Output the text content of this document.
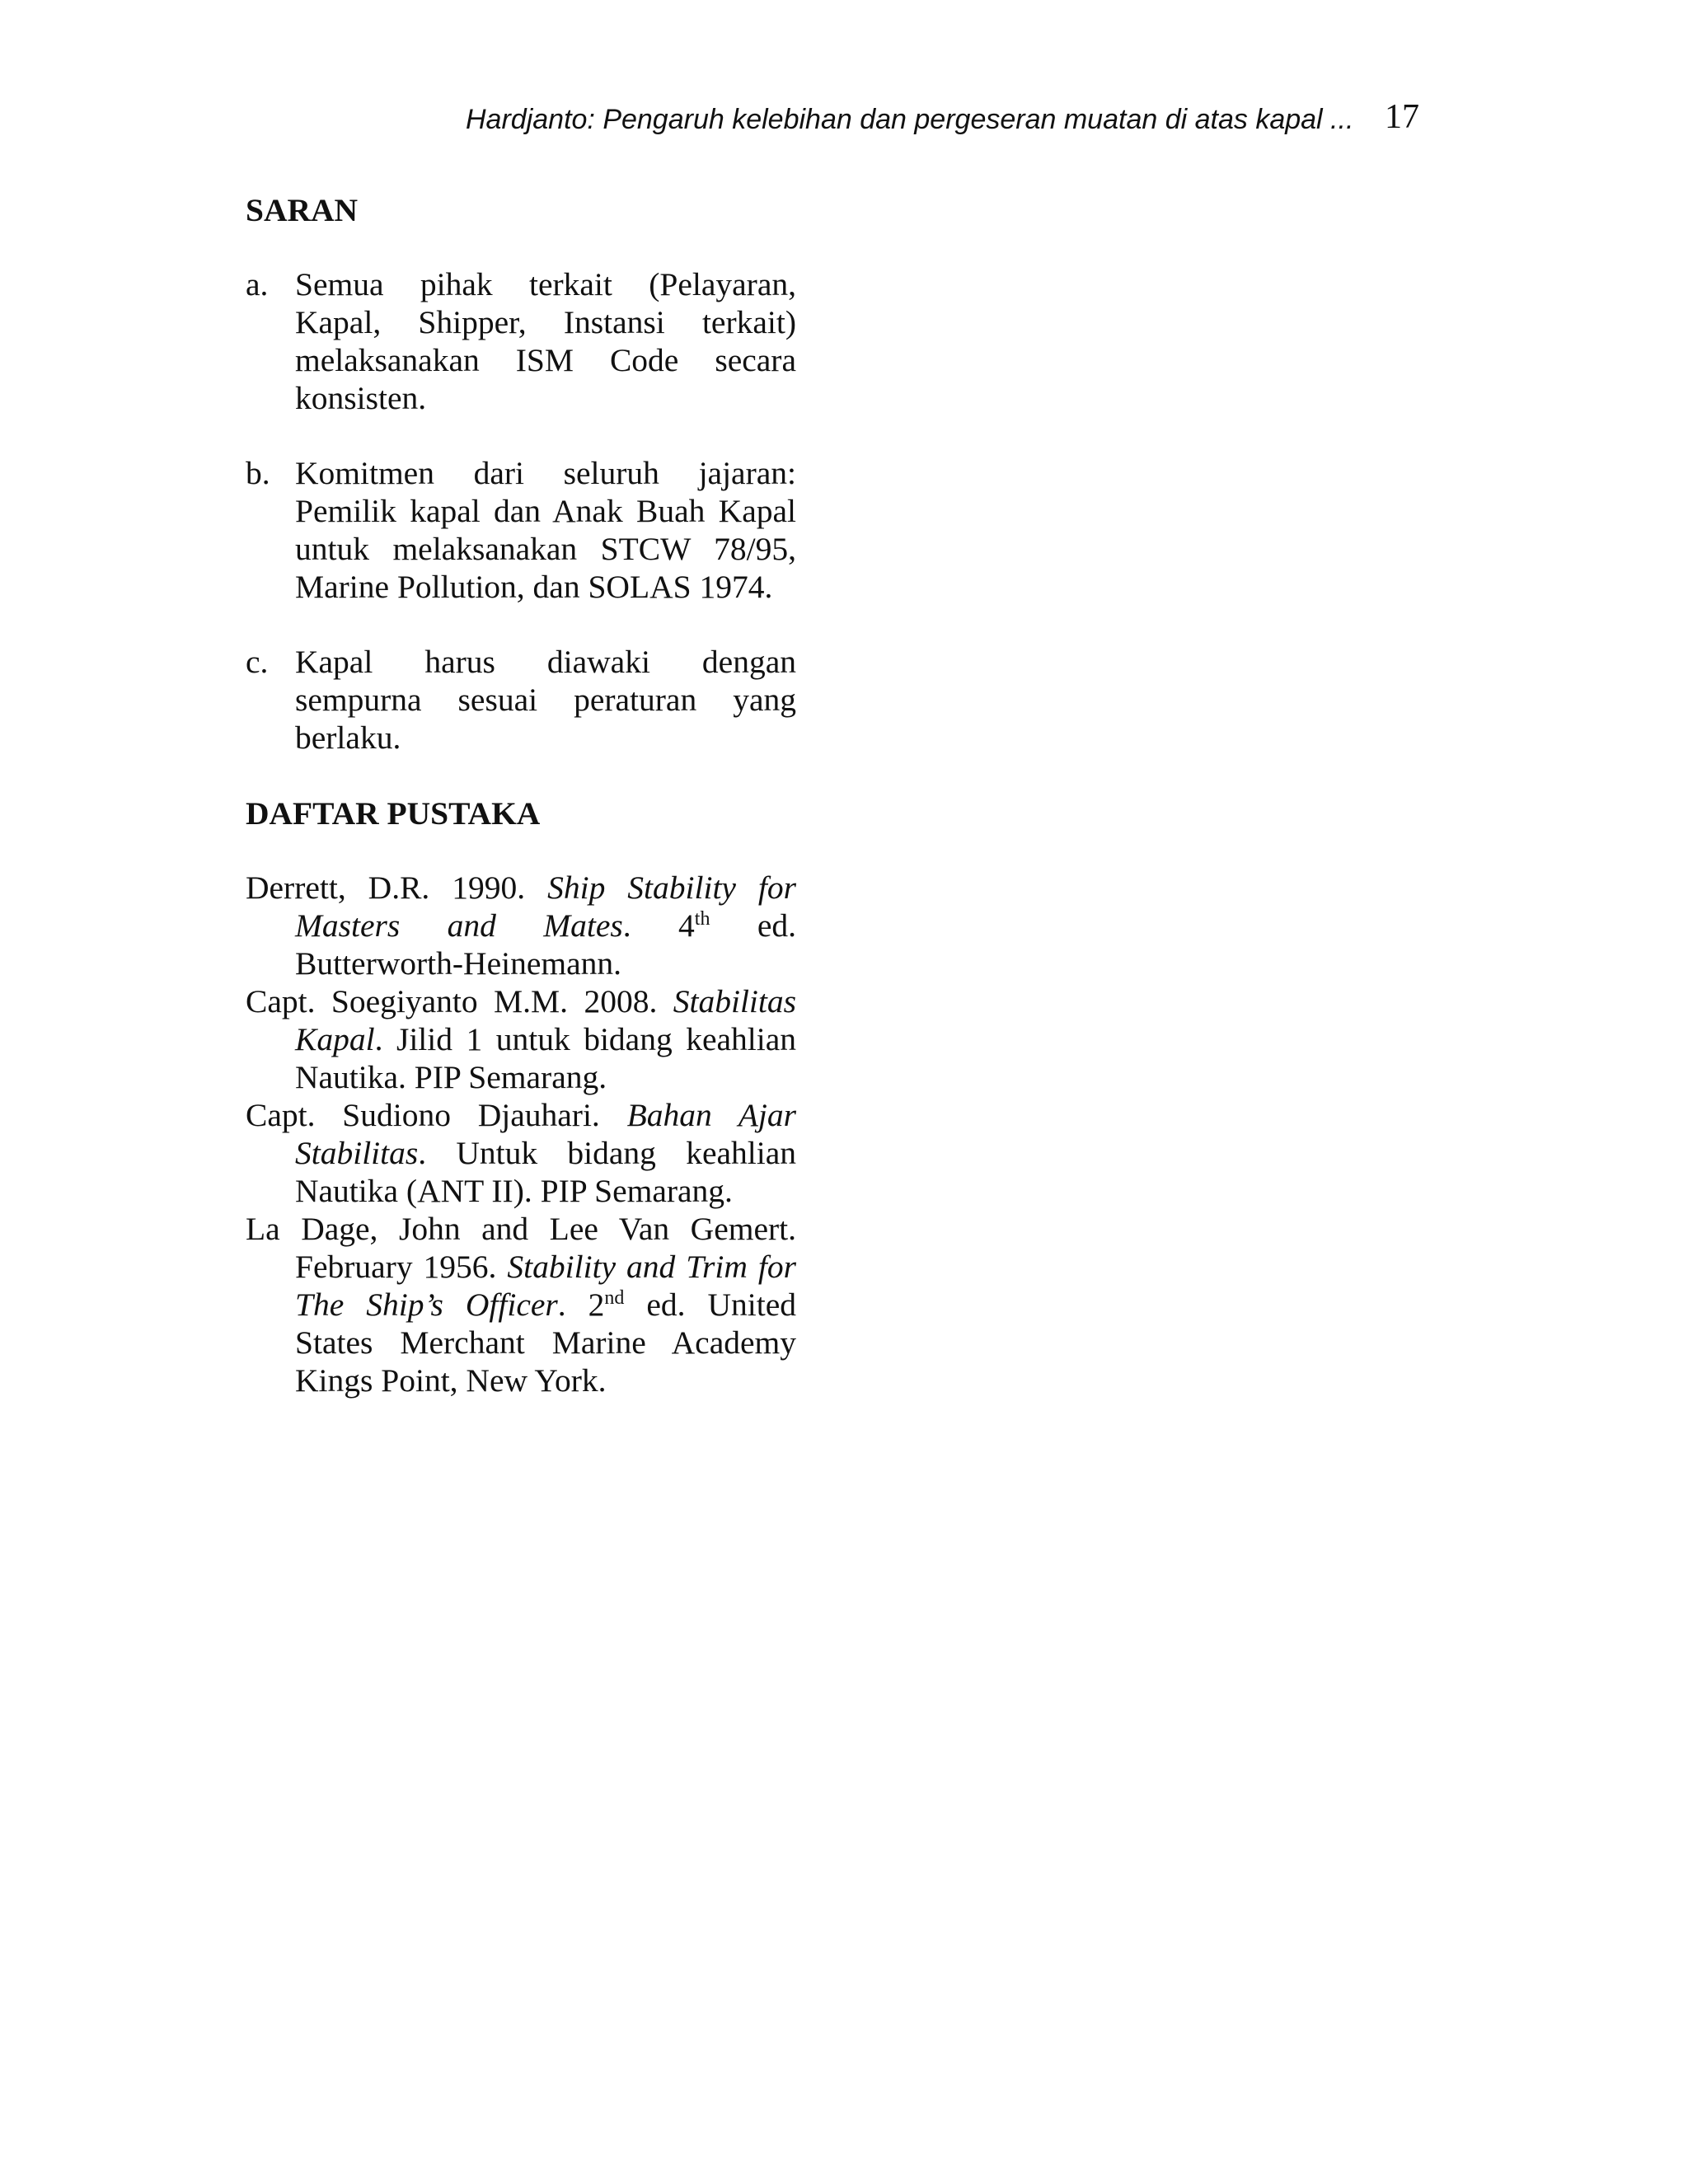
Hardjanto: Pengaruh kelebihan dan pergeseran muatan di atas kapal ... 17
SARAN
a. Semua pihak terkait (Pelayaran, Kapal, Shipper, Instansi terkait) melaksanakan ISM Code secara konsisten.
b. Komitmen dari seluruh jajaran: Pemilik kapal dan Anak Buah Kapal untuk melaksanakan STCW 78/95, Marine Pollution, dan SOLAS 1974.
c. Kapal harus diawaki dengan sempurna sesuai peraturan yang berlaku.
DAFTAR PUSTAKA
Derrett, D.R. 1990. Ship Stability for Masters and Mates. 4th ed. Butterworth-Heinemann.
Capt. Soegiyanto M.M. 2008. Stabilitas Kapal. Jilid 1 untuk bidang keahlian Nautika. PIP Semarang.
Capt. Sudiono Djauhari. Bahan Ajar Stabilitas. Untuk bidang keahlian Nautika (ANT II). PIP Semarang.
La Dage, John and Lee Van Gemert. February 1956. Stability and Trim for The Ship’s Officer. 2nd ed. United States Merchant Marine Academy Kings Point, New York.
